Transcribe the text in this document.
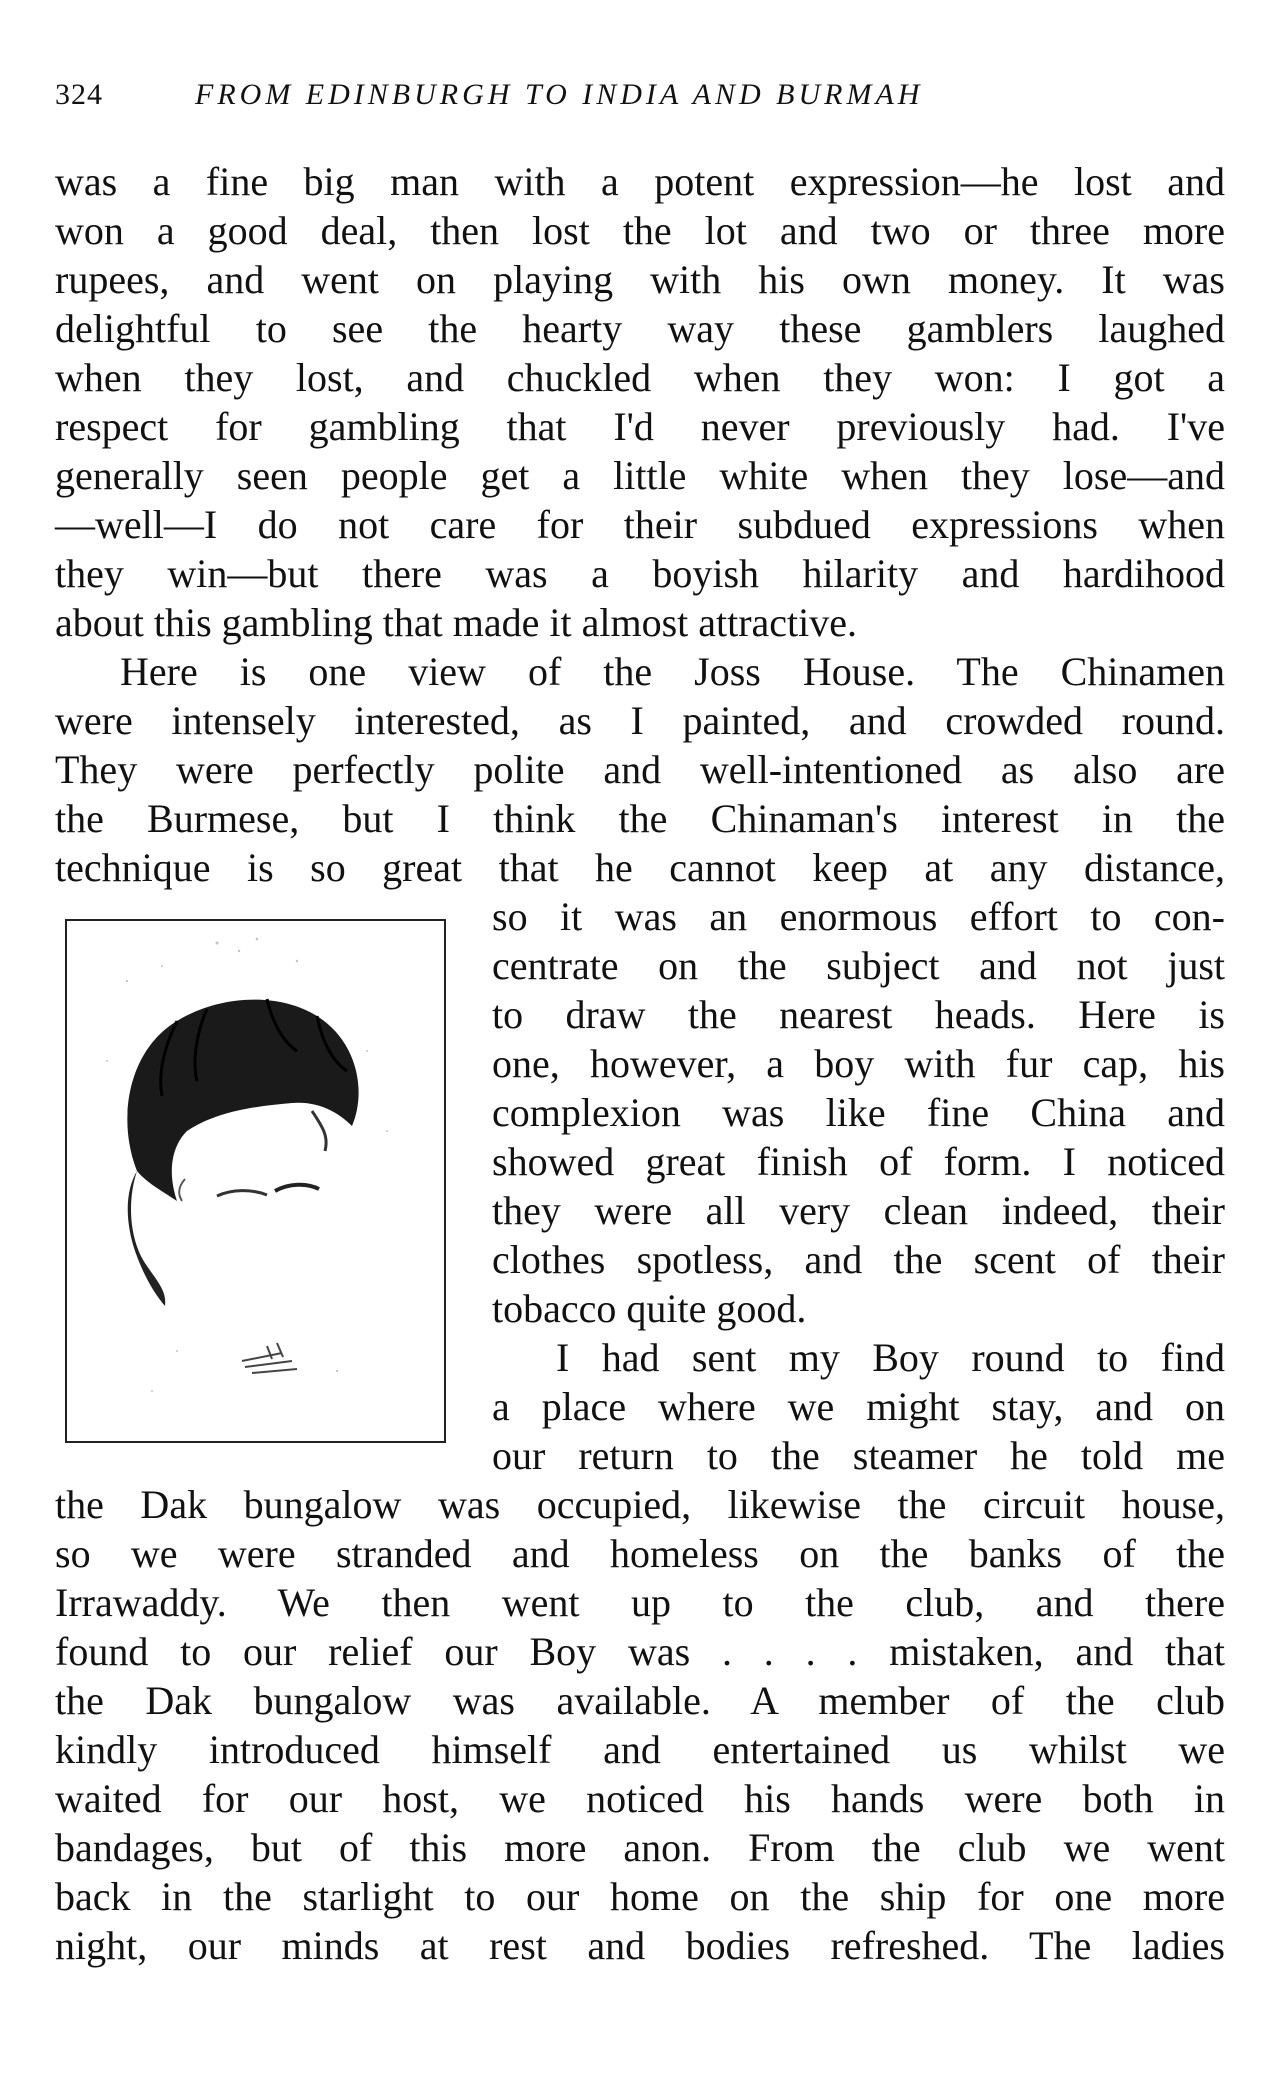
324	FROM EDINBURGH TO INDIA AND BURMAH
was a fine big man with a potent expression—he lost and
won a good deal, then lost the lot and two or three more
rupees, and went on playing with his own money. It was
delightful to see the hearty way these gamblers laughed
when they lost, and chuckled when they won: I got a
respect for gambling that I'd never previously had. I've
generally seen people get a little white when they lose—and
—well—I do not care for their subdued expressions when
they win—but there was a boyish hilarity and hardihood
about this gambling that made it almost attractive.
Here is one view of the Joss House. The Chinamen
were intensely interested, as I painted, and crowded round.
They were perfectly polite and well-intentioned as also are
the Burmese, but I think the Chinaman's interest in the
technique is so great that he cannot keep at any distance,
so it was an enormous effort to con-
centrate on the subject and not just
to draw the nearest heads. Here is
one, however, a boy with fur cap, his
complexion was like fine China and
showed great finish of form. I noticed
they were all very clean indeed, their
clothes spotless, and the scent of their
tobacco quite good.
I had sent my Boy round to find
a place where we might stay, and on
our return to the steamer he told me
the Dak bungalow was occupied, likewise the circuit house,
so we were stranded and homeless on the banks of the
Irrawaddy. We then went up to the club, and there
found to our relief our Boy was . . . . mistaken, and that
the Dak bungalow was available. A member of the club
kindly introduced himself and entertained us whilst we
waited for our host, we noticed his hands were both in
bandages, but of this more anon. From the club we went
back in the starlight to our home on the ship for one more
night, our minds at rest and bodies refreshed. The ladies
